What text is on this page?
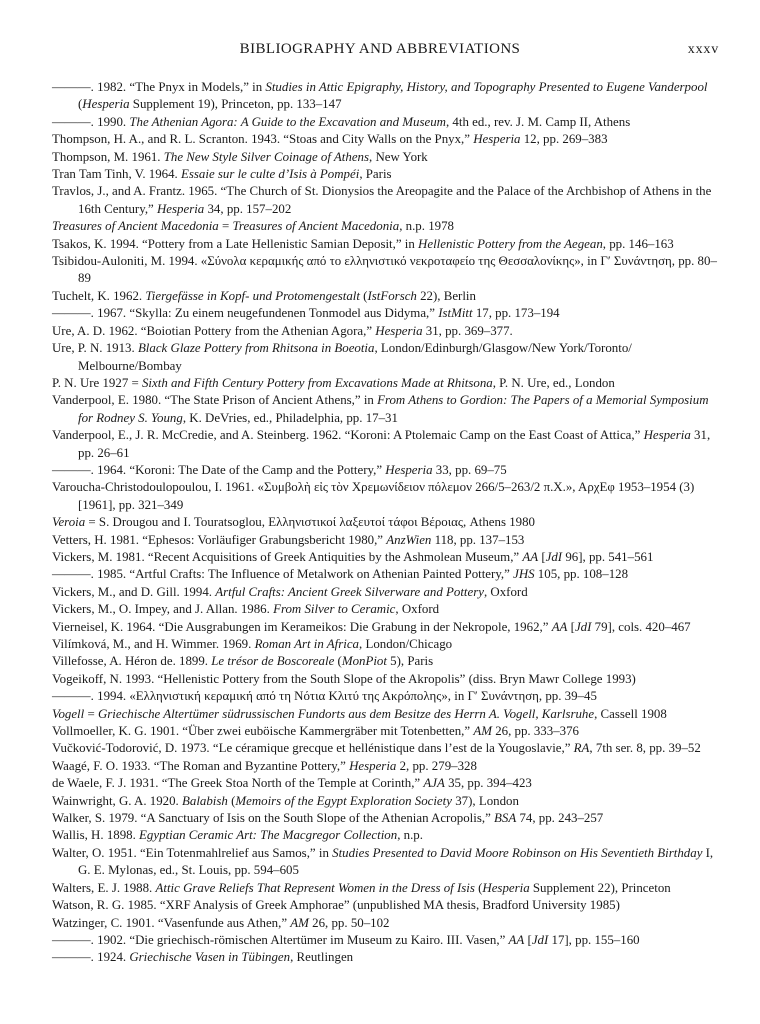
BIBLIOGRAPHY AND ABBREVIATIONS	xxxv
———. 1982. “The Pnyx in Models,” in Studies in Attic Epigraphy, History, and Topography Presented to Eugene Vanderpool (Hesperia Supplement 19), Princeton, pp. 133–147
———. 1990. The Athenian Agora: A Guide to the Excavation and Museum, 4th ed., rev. J. M. Camp II, Athens
Thompson, H. A., and R. L. Scranton. 1943. “Stoas and City Walls on the Pnyx,” Hesperia 12, pp. 269–383
Thompson, M. 1961. The New Style Silver Coinage of Athens, New York
Tran Tam Tinh, V. 1964. Essaie sur le culte d’Isis à Pompéi, Paris
Travlos, J., and A. Frantz. 1965. “The Church of St. Dionysios the Areopagite and the Palace of the Archbishop of Athens in the 16th Century,” Hesperia 34, pp. 157–202
Treasures of Ancient Macedonia = Treasures of Ancient Macedonia, n.p. 1978
Tsakos, K. 1994. “Pottery from a Late Hellenistic Samian Deposit,” in Hellenistic Pottery from the Aegean, pp. 146–163
Tsibidou-Auloniti, M. 1994. «Σύνολα κεραμικής από το ελληνιστικό νεκροταφείο της Θεσσαλονίκης», in Γ′ Συνάντηση, pp. 80–89
Tuchelt, K. 1962. Tiergefässe in Kopf- und Protomengestalt (IstForsch 22), Berlin
———. 1967. “Skylla: Zu einem neugefundenen Tonmodel aus Didyma,” IstMitt 17, pp. 173–194
Ure, A. D. 1962. “Boiotian Pottery from the Athenian Agora,” Hesperia 31, pp. 369–377.
Ure, P. N. 1913. Black Glaze Pottery from Rhitsona in Boeotia, London/Edinburgh/Glasgow/New York/Toronto/ Melbourne/Bombay
P. N. Ure 1927 = Sixth and Fifth Century Pottery from Excavations Made at Rhitsona, P. N. Ure, ed., London
Vanderpool, E. 1980. “The State Prison of Ancient Athens,” in From Athens to Gordion: The Papers of a Memorial Symposium for Rodney S. Young, K. DeVries, ed., Philadelphia, pp. 17–31
Vanderpool, E., J. R. McCredie, and A. Steinberg. 1962. “Koroni: A Ptolemaic Camp on the East Coast of Attica,” Hesperia 31, pp. 26–61
———. 1964. “Koroni: The Date of the Camp and the Pottery,” Hesperia 33, pp. 69–75
Varoucha-Christodoulopoulou, I. 1961. «Συμβολὴ εἰς τὸν Χρεμωνίδειον πόλεμον 266/5–263/2 π.Χ.», ΑρχΕφ 1953–1954 (3) [1961], pp. 321–349
Veroia = S. Drougou and I. Touratsoglou, Ελληνιστικοί λαξευτοί τάφοι Βέροιας, Athens 1980
Vetters, H. 1981. “Ephesos: Vorläufiger Grabungsbericht 1980,” AnzWien 118, pp. 137–153
Vickers, M. 1981. “Recent Acquisitions of Greek Antiquities by the Ashmolean Museum,” AA [JdI 96], pp. 541–561
———. 1985. “Artful Crafts: The Influence of Metalwork on Athenian Painted Pottery,” JHS 105, pp. 108–128
Vickers, M., and D. Gill. 1994. Artful Crafts: Ancient Greek Silverware and Pottery, Oxford
Vickers, M., O. Impey, and J. Allan. 1986. From Silver to Ceramic, Oxford
Vierneisel, K. 1964. “Die Ausgrabungen im Kerameikos: Die Grabung in der Nekropole, 1962,” AA [JdI 79], cols. 420–467
Vilímková, M., and H. Wimmer. 1969. Roman Art in Africa, London/Chicago
Villefosse, A. Héron de. 1899. Le trésor de Boscoreale (MonPiot 5), Paris
Vogeikoff, N. 1993. “Hellenistic Pottery from the South Slope of the Akropolis” (diss. Bryn Mawr College 1993)
———. 1994. «Ελληνιστική κεραμική από τη Νότια Κλιτύ της Ακρόπολης», in Γ′ Συνάντηση, pp. 39–45
Vogell = Griechische Altertümer südrussischen Fundorts aus dem Besitze des Herrn A. Vogell, Karlsruhe, Cassell 1908
Vollmoeller, K. G. 1901. “Über zwei euböische Kammergräber mit Totenbetten,” AM 26, pp. 333–376
Vučković-Todorović, D. 1973. “Le céramique grecque et hellénistique dans l’est de la Yougoslavie,” RA, 7th ser. 8, pp. 39–52
Waagé, F. O. 1933. “The Roman and Byzantine Pottery,” Hesperia 2, pp. 279–328
de Waele, F. J. 1931. “The Greek Stoa North of the Temple at Corinth,” AJA 35, pp. 394–423
Wainwright, G. A. 1920. Balabish (Memoirs of the Egypt Exploration Society 37), London
Walker, S. 1979. “A Sanctuary of Isis on the South Slope of the Athenian Acropolis,” BSA 74, pp. 243–257
Wallis, H. 1898. Egyptian Ceramic Art: The Macgregor Collection, n.p.
Walter, O. 1951. “Ein Totenmahlrelief aus Samos,” in Studies Presented to David Moore Robinson on His Seventieth Birthday I, G. E. Mylonas, ed., St. Louis, pp. 594–605
Walters, E. J. 1988. Attic Grave Reliefs That Represent Women in the Dress of Isis (Hesperia Supplement 22), Princeton
Watson, R. G. 1985. “XRF Analysis of Greek Amphorae” (unpublished MA thesis, Bradford University 1985)
Watzinger, C. 1901. “Vasenfunde aus Athen,” AM 26, pp. 50–102
———. 1902. “Die griechisch-römischen Altertümer im Museum zu Kairo. III. Vasen,” AA [JdI 17], pp. 155–160
———. 1924. Griechische Vasen in Tübingen, Reutlingen
